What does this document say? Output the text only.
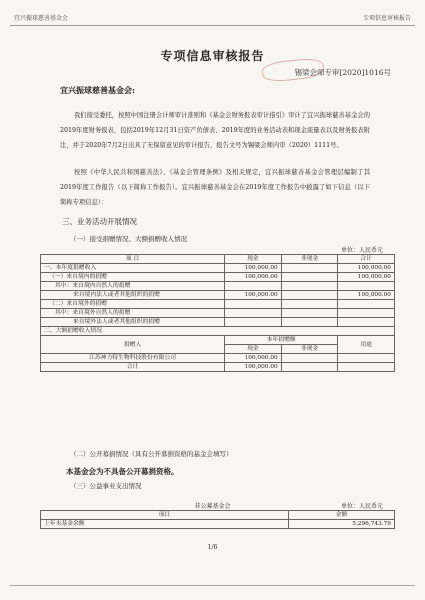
宜兴振球慈善基金会	专项信息审核报告
专项信息审核报告
锡梁会师专审[2020]1016号
宜兴振球慈善基金会:
我们接受委托，按照中国注册会计师审计准则和《基金会财务报表审计指引》审计了宜兴振球慈善基金会的2019年度财务报表，包括2019年12月31日资产负债表、2019年度的业务活动表和现金流量表以及财务报表附注，并于2020年7月2日出具了无保留意见的审计报告，报告文号为锡梁会师内审（2020）1111号。
按照《中华人民共和国慈善法》、《基金会管理条例》及相关规定，宜兴振球慈善基金会管理层编制了其2019年度工作报告（以下简称工作报告）。宜兴振球慈善基金会在2019年度工作报告中披露了如下信息（以下简称专项信息）：
三、业务活动开展情况
（一）接受捐赠情况、大额捐赠收入情况
单位：人民币元
项 目	现金	非现金	合计
一、本年度捐赠收入	100,000.00		100,000.00
（一）来自境内的捐赠	100,000.00		100,000.00
其中：来自境内自然人的捐赠			
来自境内法人或者其他组织的捐赠	100,000.00		100,000.00
（二）来自境外的捐赠			
其中：来自境外自然人的捐赠			
来自境外法人或者其他组织的捐赠			
二、大额捐赠收入情况			
捐赠人	本年捐赠额		用途
	现金	非现金	
江苏神力特生物科技股份有限公司	100,000.00		
合计	100,000.00		
（二）公开募捐情况（具有公开募捐资格的基金会填写）
本基金会为不具备公开募捐资格。
（三）公益事业支出情况
非公募基金会	单位：人民币元
项目	金额
上年末基金余额	5,296,743.79
1/6
